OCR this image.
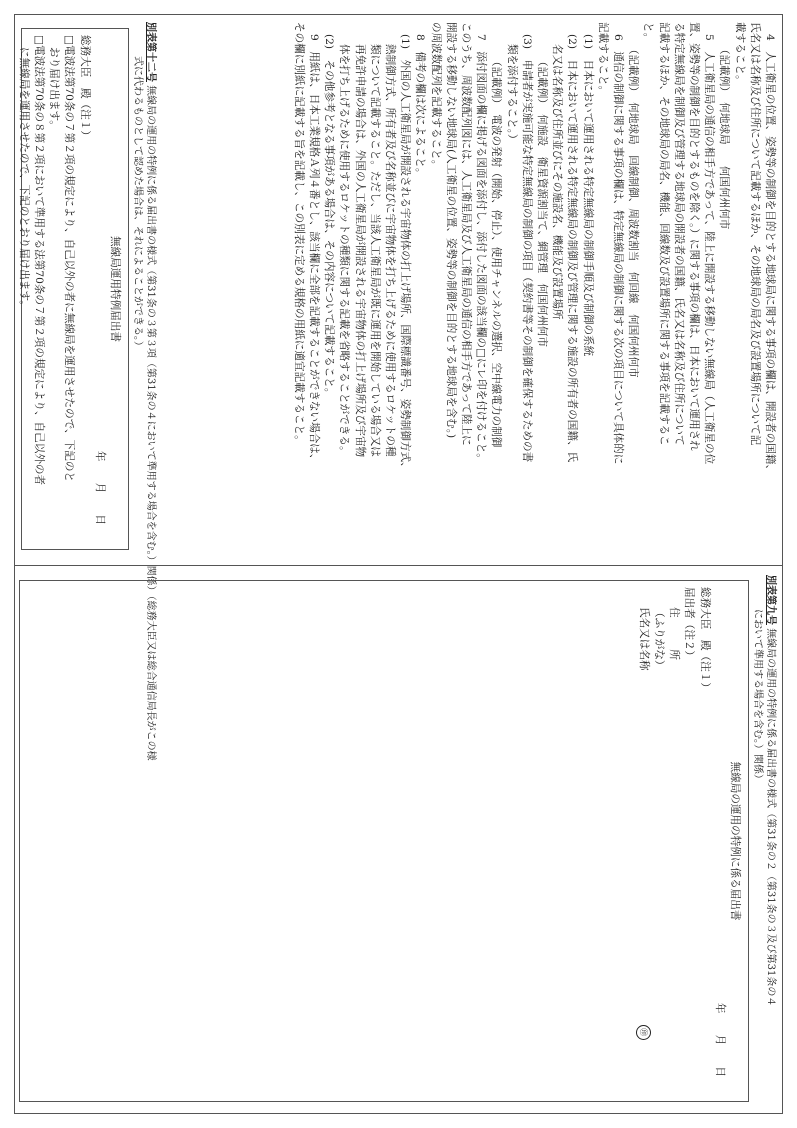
4　人工衛星の位置、姿勢等の制御を目的とする地球局に関する事項の欄は、開設者の国籍、

氏名又は名称及び住所について記載するほか、その地球局の局名及び設置場所について記

載すること。

（記載例）　何地球局　　何国何州何市

5　人工衛星局の通信の相手方であって、陸上に開設する移動しない無線局（人工衛星の位

置、姿勢等の制御を目的とするものを除く。）に関する事項の欄は、日本において運用され

る特定無線局を制御及び管理する地球局の開設者の国籍、氏名又は名称及び住所について

記載するほか、その地球局の局名、機能、回線数及び設置場所に関する事項を記載するこ

と。

（記載例）　何地球局　回線制御、周波数割当　何回線　何国何州何市

6　通信の制御に関する事項の欄は、特定無線局の制御に関する次の項目について具体的に

記載すること。

(1)　日本において運用される特定無線局の制御手順及び制御の系統

(2)　日本において運用される特定無線局の制御及び管理に関する施設の所有者の国籍、氏

名又は名称及び住所並びにその施設名、機能及び設置場所

（記載例）　何施設　衛星資源割当て、網管理　何国何州何市

(3)　申請者が実施可能な特定無線局の制御の項目（契約書等その制御を確保するための書

類を添付すること。）

（記載例）　電波の発射（開始、停止）、使用チャンネルの選択、空中線電力の制御

7　添付図面の欄に掲げる図面を添付し、添付した図面の該当欄の□にレ印を付けること。

このうち、周波数配列図には、人工衛星局及び人工衛星局の通信の相手方であって陸上に

開設する移動しない地球局(人工衛星の位置、姿勢等の制御を目的とする地球局を含む。)

の周波数配列を記載すること。

8　備考の欄は次によること。

(1)　外国の人工衛星局が開設される宇宙物体の打上げ場所、国際標識番号、姿勢制御方式、

熱制御方式、所有者及び名称並びに宇宙物体を打ち上げるために使用するロケットの種

類について記載すること。ただし、当該人工衛星局が既に運用を開始している場合又は

再免許申請の場合は、外国の人工衛星局が開設される宇宙物体の打上げ場所及び宇宙物

体を打ち上げるために使用するロケットの種類に関する記載を省略することができる。

(2)　その他参考となる事項がある場合は、その内容について記載すること。

9　用紙は、日本工業規格Ａ列４番とし、該当欄に全部を記載することができない場合は、

その欄に別紙に記載する旨を記載し、この別表に定める規格の用紙に適宜記載すること。

別表第十二号 無線局の運用の特例に係る届出書の様式（第31条の３第３項（第31条の４において準用する場合を含む。）関係）（総務大臣又は総合通信局長がこの様

式に代わるものとして認めた場合は、それによることができる。）

無線局運用特例届出書

年　　月　　日

総務大臣　殿（注１）

□電波法第70条の７第２項の規定により、自己以外の者に無線局を運用させたので、下記のと

おり届け出ます。

□電波法第70条の８第２項において準用する法第70条の７第２項の規定により、自己以外の者

に無線局を運用させたので、下記のとおり届け出ます。

別表第九号 無線局の運用の特例に係る届出書の様式（第31条の２（第31条の３及び第31条の４

において準用する場合を含む。）関係）

無線局の運用の特例に係る届出書

年　　月　　日

総務大臣　殿（注１）

届出者（注２）

住　　　所

（ふりがな）

氏名又は名称㊞
